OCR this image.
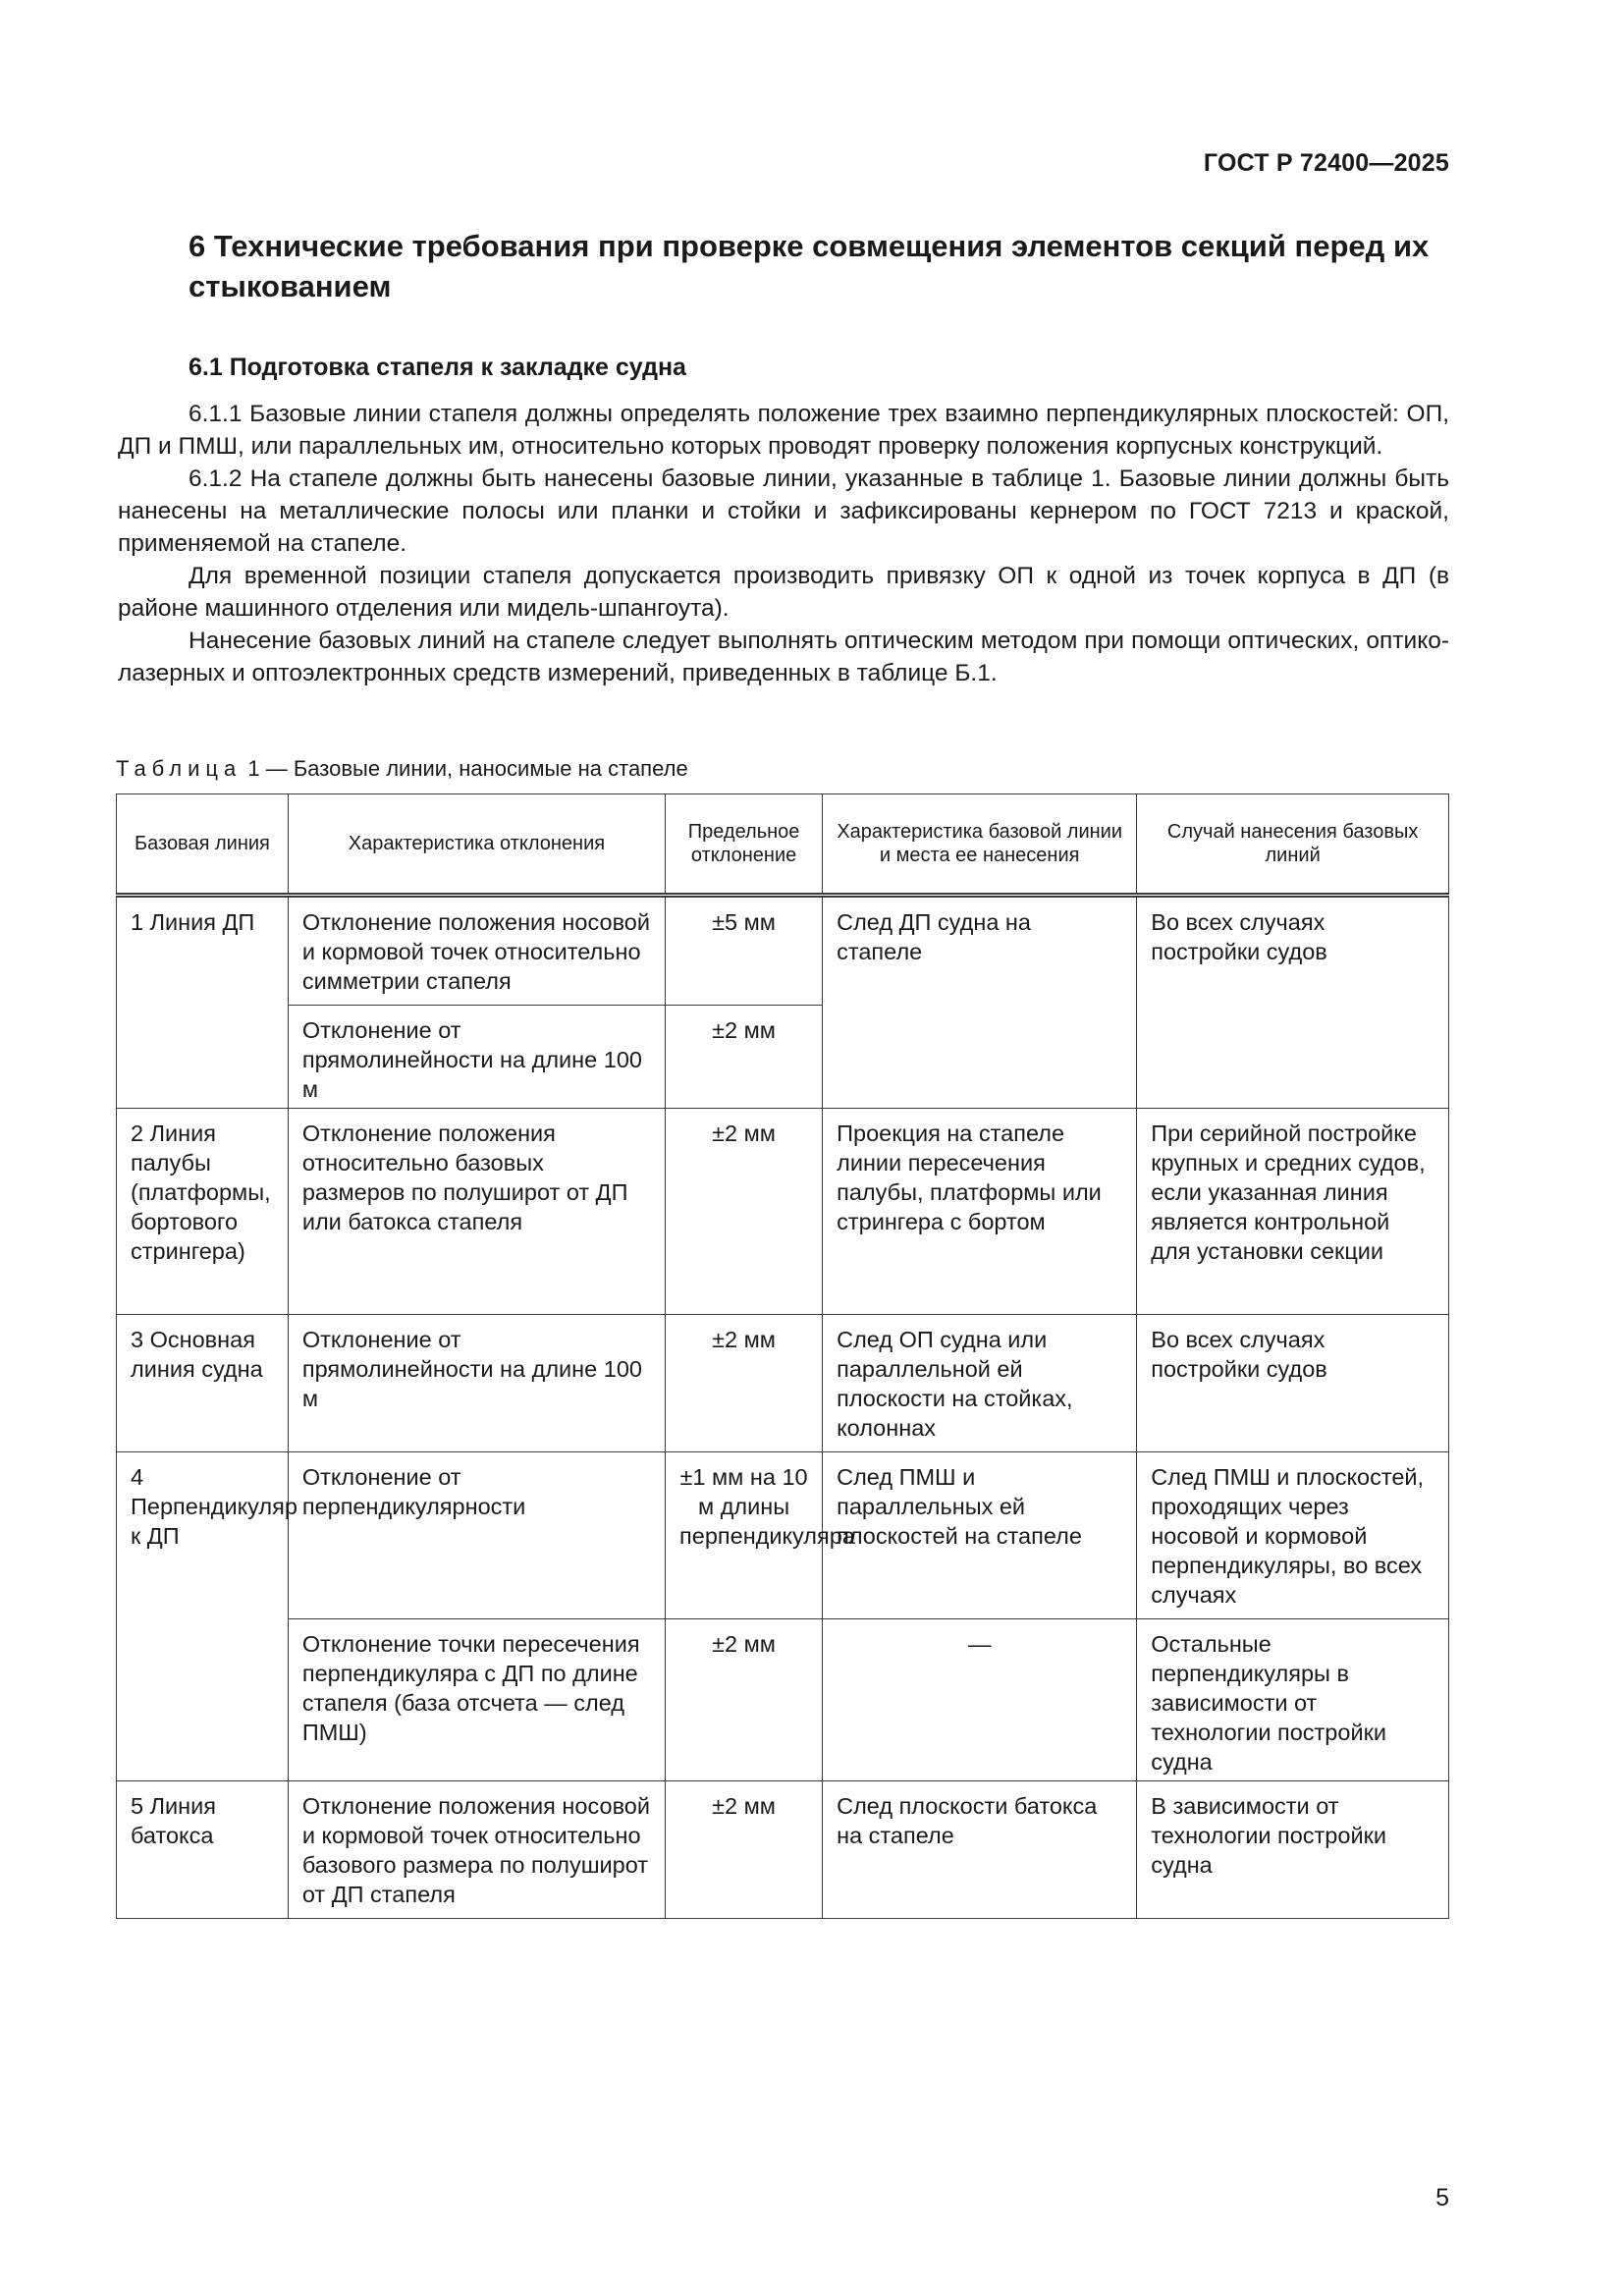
ГОСТ Р 72400—2025
6 Технические требования при проверке совмещения элементов секций перед их стыкованием
6.1 Подготовка стапеля к закладке судна

6.1.1 Базовые линии стапеля должны определять положение трех взаимно перпендикулярных плоскостей: ОП, ДП и ПМШ, или параллельных им, относительно которых проводят проверку положения корпусных конструкций.

6.1.2 На стапеле должны быть нанесены базовые линии, указанные в таблице 1. Базовые линии должны быть нанесены на металлические полосы или планки и стойки и зафиксированы кернером по ГОСТ 7213 и краской, применяемой на стапеле.

Для временной позиции стапеля допускается производить привязку ОП к одной из точек корпуса в ДП (в районе машинного отделения или мидель-шпангоута).

Нанесение базовых линий на стапеле следует выполнять оптическим методом при помощи оптических, оптико-лазерных и оптоэлектронных средств измерений, приведенных в таблице Б.1.

Таблица 1 — Базовые линии, наносимые на стапеле
Базовая линия	Характеристика отклонения	Предельное отклонение	Характеристика базовой линии и места ее нанесения	Случай нанесения базовых линий
1 Линия ДП	Отклонение положения носовой и кормовой точек относительно симметрии стапеля	±5 мм	След ДП судна на стапеле	Во всех случаях постройки судов
	Отклонение от прямолинейности на длине 100 м	±2 мм		
2 Линия палубы (платформы, бортового стрингера)	Отклонение положения относительно базовых размеров по полуширот от ДП или батокса стапеля	±2 мм	Проекция на стапеле линии пересечения палубы, платформы или стрингера с бортом	При серийной постройке крупных и средних судов, если указанная линия является контрольной для установки секции
3 Основная линия судна	Отклонение от прямолинейности на длине 100 м	±2 мм	След ОП судна или параллельной ей плоскости на стойках, колоннах	Во всех случаях постройки судов
4 Перпендикуляр к ДП	Отклонение от перпендикулярности	±1 мм на 10 м длины перпендикуляра	След ПМШ и параллельных ей плоскостей на стапеле	След ПМШ и плоскостей, проходящих через носовой и кормовой перпендикуляры, во всех случаях
	Отклонение точки пересечения перпендикуляра с ДП по длине стапеля (база отсчета — след ПМШ)	±2 мм	—	Остальные перпендикуляры в зависимости от технологии постройки судна
5 Линия батокса	Отклонение положения носовой и кормовой точек относительно базового размера по полуширот от ДП стапеля	±2 мм	След плоскости батокса на стапеле	В зависимости от технологии постройки судна
5
